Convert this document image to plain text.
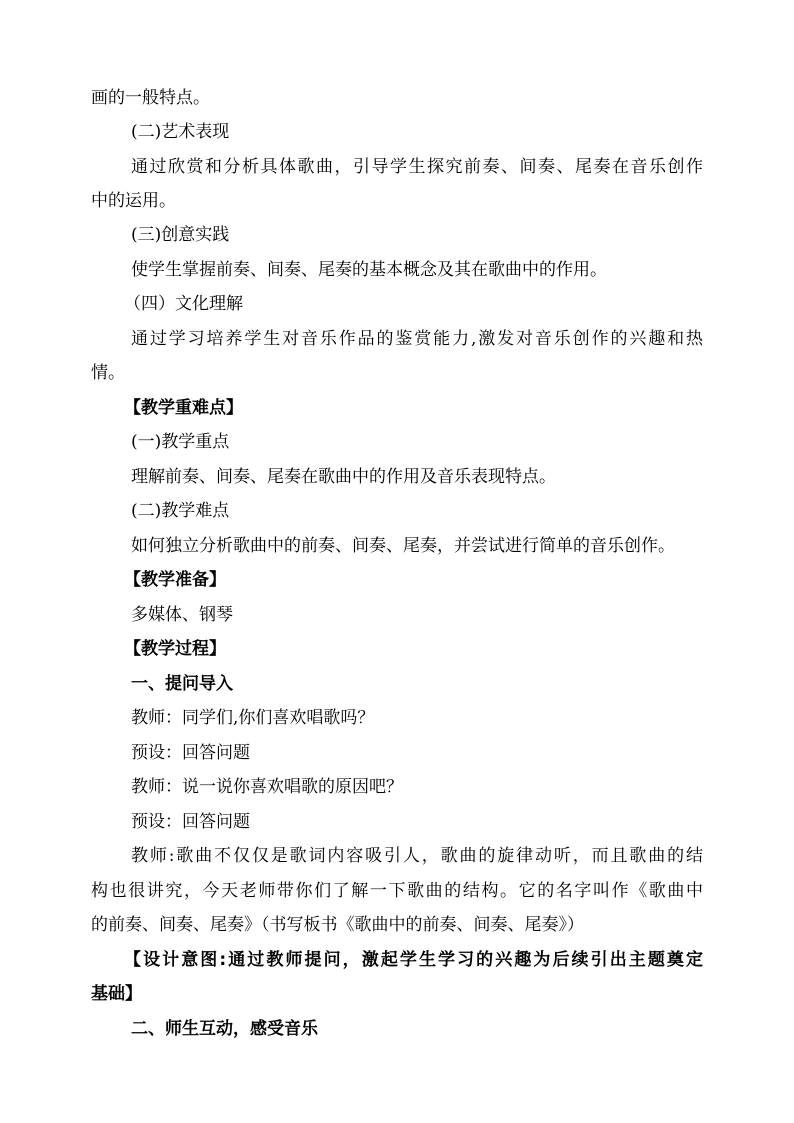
画的一般特点。
(二)艺术表现
通过欣赏和分析具体歌曲，引导学生探究前奏、间奏、尾奏在音乐创作
中的运用。
(三)创意实践
使学生掌握前奏、间奏、尾奏的基本概念及其在歌曲中的作用。
（四）文化理解
通过学习培养学生对音乐作品的鉴赏能力,激发对音乐创作的兴趣和热
情。
【教学重难点】
(一)教学重点
理解前奏、间奏、尾奏在歌曲中的作用及音乐表现特点。
(二)教学难点
如何独立分析歌曲中的前奏、间奏、尾奏，并尝试进行简单的音乐创作。
【教学准备】
多媒体、钢琴
【教学过程】
一、提问导入
教师：同学们,你们喜欢唱歌吗？
预设：回答问题
教师：说一说你喜欢唱歌的原因吧？
预设：回答问题
教师:歌曲不仅仅是歌词内容吸引人，歌曲的旋律动听，而且歌曲的结
构也很讲究，今天老师带你们了解一下歌曲的结构。它的名字叫作《歌曲中
的前奏、间奏、尾奏》（书写板书《歌曲中的前奏、间奏、尾奏》）
【设计意图:通过教师提问，激起学生学习的兴趣为后续引出主题奠定
基础】
二、师生互动，感受音乐
